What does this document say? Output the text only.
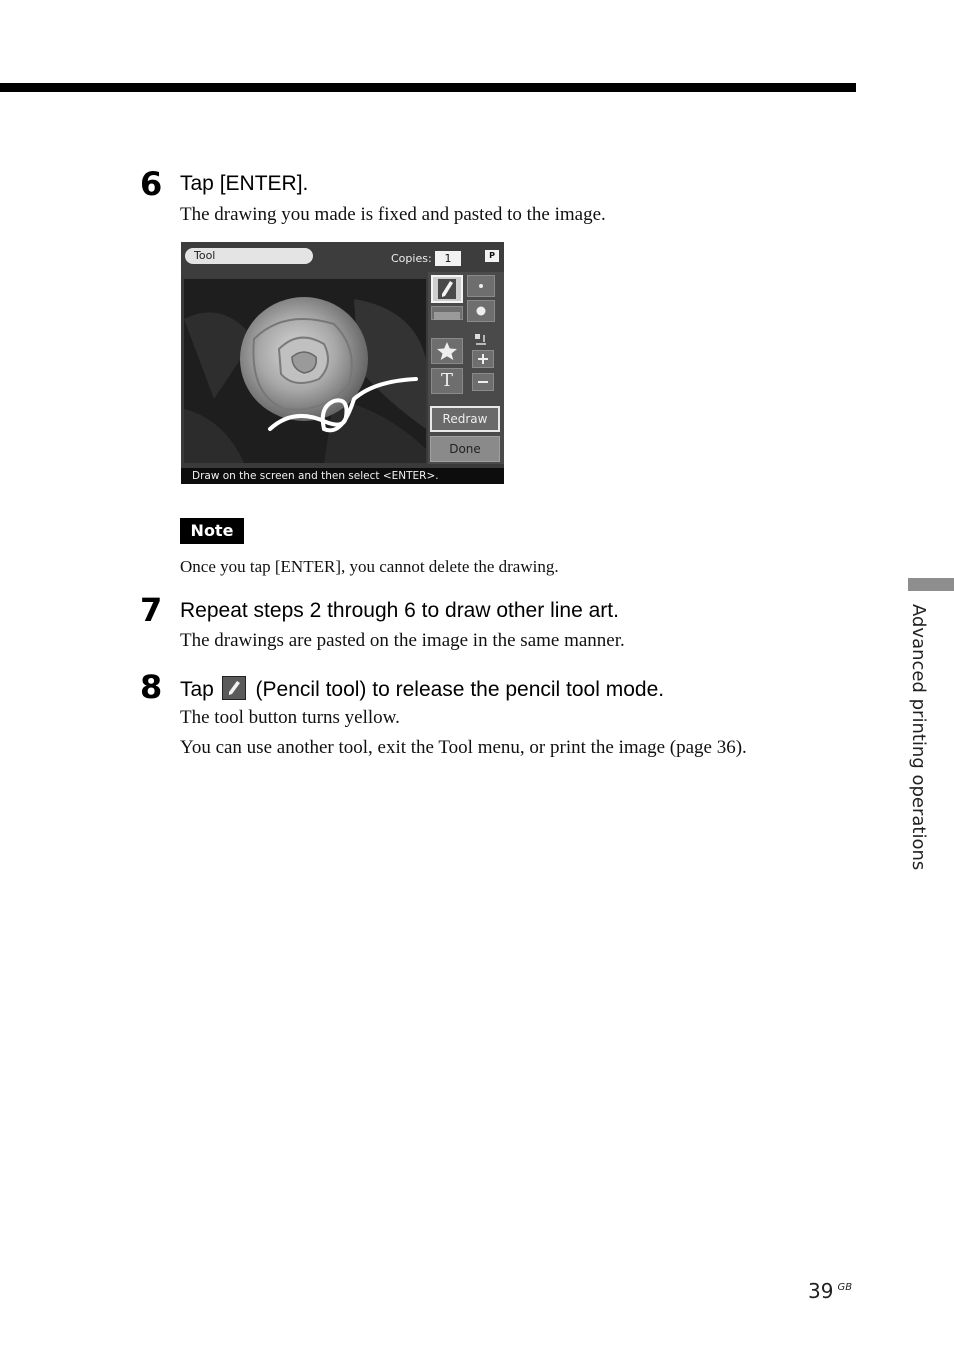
6 Tap [ENTER].
The drawing you made is fixed and pasted to the image.
Tool	Copies:	1	P
T
Redraw
Done
Draw on the screen and then select <ENTER>.
Note
Once you tap [ENTER], you cannot delete the drawing.
7 Repeat steps 2 through 6 to draw other line art.
The drawings are pasted on the image in the same manner.
8 Tap (Pencil tool) to release the pencil tool mode.
The tool button turns yellow.
You can use another tool, exit the Tool menu, or print the image (page 36).	Advanced printing operations
39 $^{GB}$
